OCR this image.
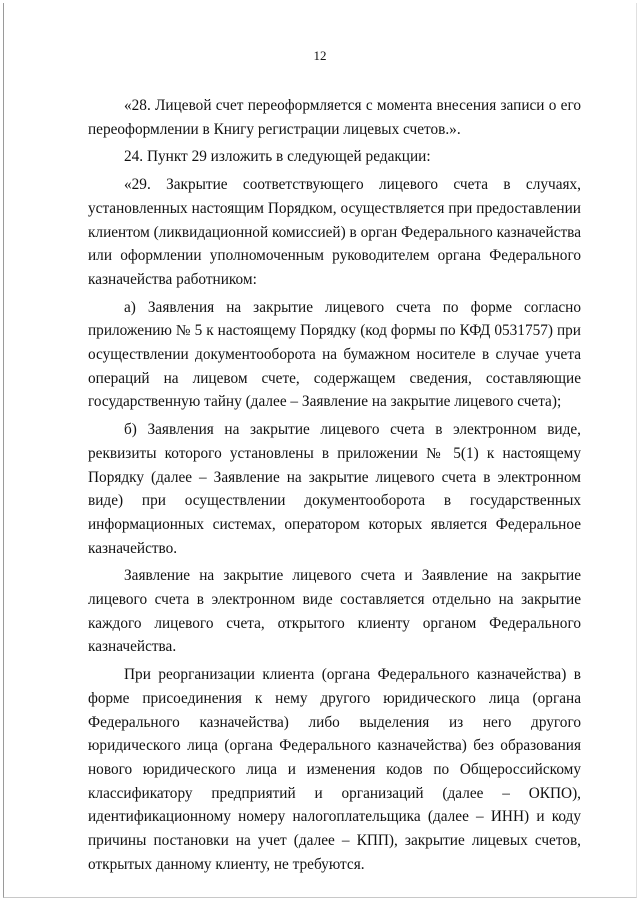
12

«28. Лицевой счет переоформляется с момента внесения записи о его переоформлении в Книгу регистрации лицевых счетов.».

24. Пункт 29 изложить в следующей редакции:

«29. Закрытие соответствующего лицевого счета в случаях, установленных настоящим Порядком, осуществляется при предоставлении клиентом (ликвидационной комиссией) в орган Федерального казначейства или оформлении уполномоченным руководителем органа Федерального казначейства работником:

а) Заявления на закрытие лицевого счета по форме согласно приложению № 5 к настоящему Порядку (код формы по КФД 0531757) при осуществлении документооборота на бумажном носителе в случае учета операций на лицевом счете, содержащем сведения, составляющие государственную тайну (далее – Заявление на закрытие лицевого счета);

б) Заявления на закрытие лицевого счета в электронном виде, реквизиты которого установлены в приложении № 5(1) к настоящему Порядку (далее – Заявление на закрытие лицевого счета в электронном виде) при осуществлении документооборота в государственных информационных системах, оператором которых является Федеральное казначейство.

Заявление на закрытие лицевого счета и Заявление на закрытие лицевого счета в электронном виде составляется отдельно на закрытие каждого лицевого счета, открытого клиенту органом Федерального казначейства.

При реорганизации клиента (органа Федерального казначейства) в форме присоединения к нему другого юридического лица (органа Федерального казначейства) либо выделения из него другого юридического лица (органа Федерального казначейства) без образования нового юридического лица и изменения кодов по Общероссийскому классификатору предприятий и организаций (далее – ОКПО), идентификационному номеру налогоплательщика (далее – ИНН) и коду причины постановки на учет (далее – КПП), закрытие лицевых счетов, открытых данному клиенту, не требуются.
